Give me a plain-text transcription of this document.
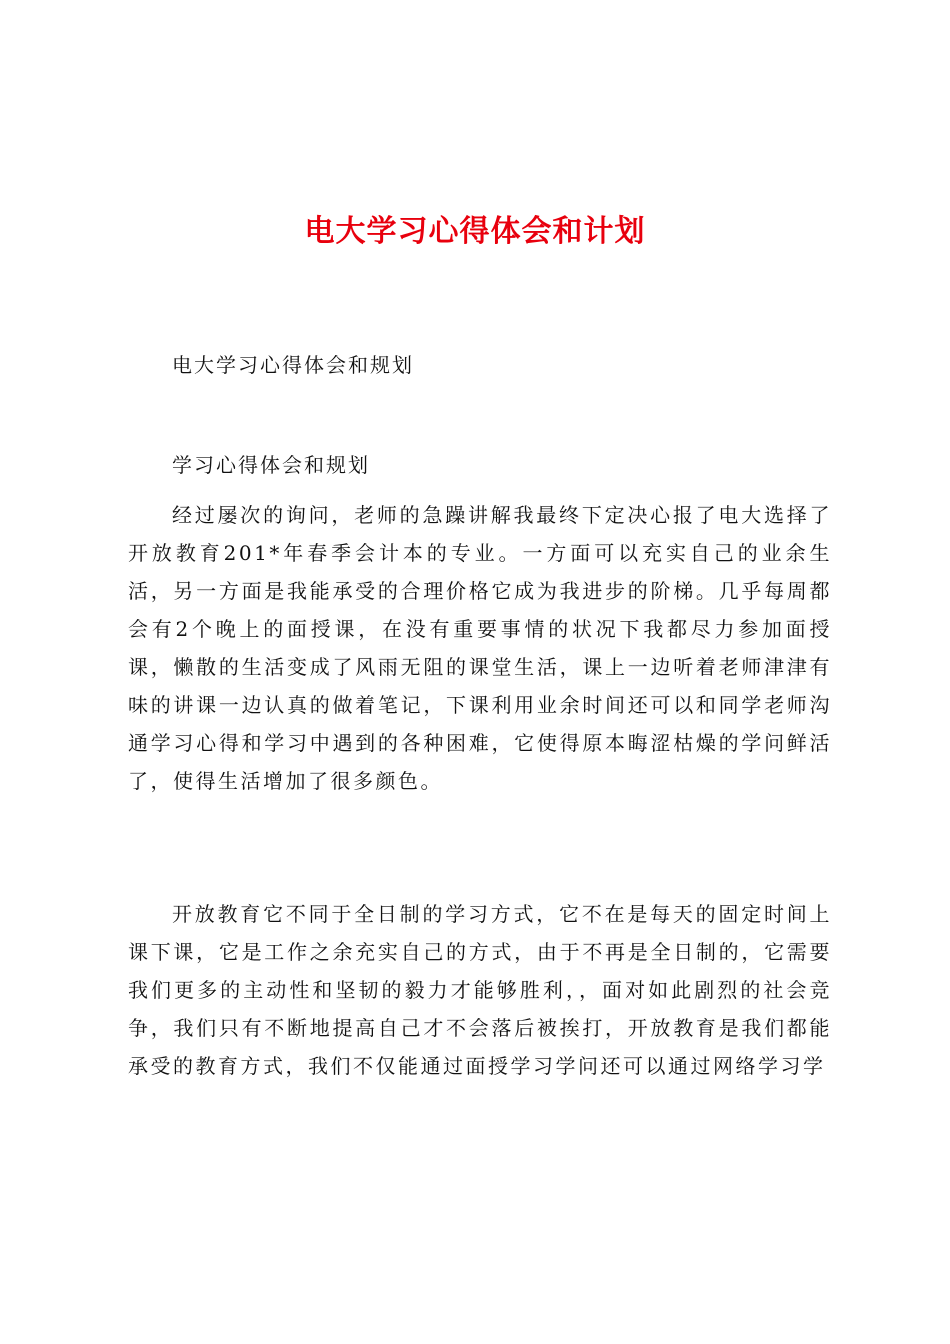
电大学习心得体会和计划
电大学习心得体会和规划
学习心得体会和规划

经过屡次的询问，老师的急躁讲解我最终下定决心报了电大选择了开放教育201*年春季会计本的专业。一方面可以充实自己的业余生活，另一方面是我能承受的合理价格它成为我进步的阶梯。几乎每周都会有2个晚上的面授课，在没有重要事情的状况下我都尽力参加面授课，懒散的生活变成了风雨无阻的课堂生活，课上一边听着老师津津有味的讲课一边认真的做着笔记，下课利用业余时间还可以和同学老师沟通学习心得和学习中遇到的各种困难，它使得原本晦涩枯燥的学问鲜活了，使得生活增加了很多颜色。

开放教育它不同于全日制的学习方式，它不在是每天的固定时间上课下课，它是工作之余充实自己的方式，由于不再是全日制的，它需要我们更多的主动性和坚韧的毅力才能够胜利，，面对如此剧烈的社会竞争，我们只有不断地提高自己才不会落后被挨打，开放教育是我们都能承受的教育方式，我们不仅能通过面授学习学问还可以通过网络学习学
